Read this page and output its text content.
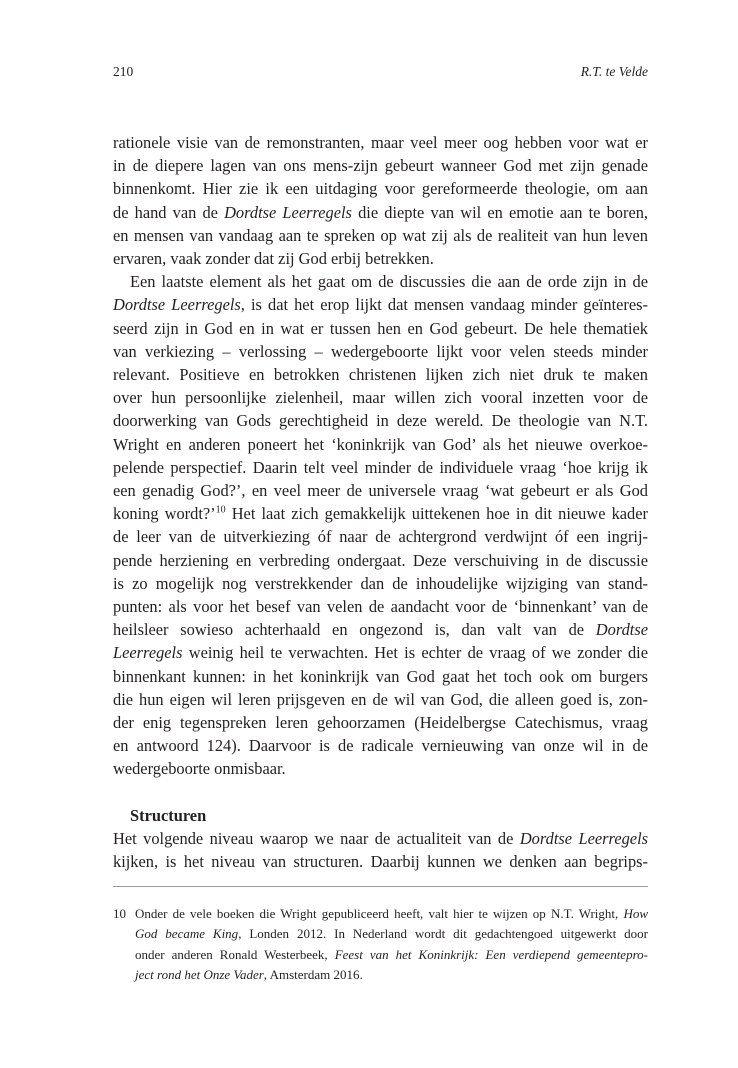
210	R.T. te Velde
rationele visie van de remonstranten, maar veel meer oog hebben voor wat er
in de diepere lagen van ons mens-zijn gebeurt wanneer God met zijn genade
binnenkomt. Hier zie ik een uitdaging voor gereformeerde theologie, om aan
de hand van de Dordtse Leerregels die diepte van wil en emotie aan te boren,
en mensen van vandaag aan te spreken op wat zij als de realiteit van hun leven
ervaren, vaak zonder dat zij God erbij betrekken.
Een laatste element als het gaat om de discussies die aan de orde zijn in de
Dordtse Leerregels, is dat het erop lijkt dat mensen vandaag minder geïnteres-
seerd zijn in God en in wat er tussen hen en God gebeurt. De hele thematiek
van verkiezing – verlossing – wedergeboorte lijkt voor velen steeds minder
relevant. Positieve en betrokken christenen lijken zich niet druk te maken
over hun persoonlijke zielenheil, maar willen zich vooral inzetten voor de
doorwerking van Gods gerechtigheid in deze wereld. De theologie van N.T.
Wright en anderen poneert het ‘koninkrijk van God’ als het nieuwe overkoe-
pelende perspectief. Daarin telt veel minder de individuele vraag ‘hoe krijg ik
een genadig God?’, en veel meer de universele vraag ‘wat gebeurt er als God
koning wordt?’$^{10}$ Het laat zich gemakkelijk uittekenen hoe in dit nieuwe kader
de leer van de uitverkiezing óf naar de achtergrond verdwijnt óf een ingrij-
pende herziening en verbreding ondergaat. Deze verschuiving in de discussie
is zo mogelijk nog verstrekkender dan de inhoudelijke wijziging van stand-
punten: als voor het besef van velen de aandacht voor de ‘binnenkant’ van de
heilsleer sowieso achterhaald en ongezond is, dan valt van de Dordtse
Leerregels weinig heil te verwachten. Het is echter de vraag of we zonder die
binnenkant kunnen: in het koninkrijk van God gaat het toch ook om burgers
die hun eigen wil leren prijsgeven en de wil van God, die alleen goed is, zon-
der enig tegenspreken leren gehoorzamen (Heidelbergse Catechismus, vraag
en antwoord 124). Daarvoor is de radicale vernieuwing van onze wil in de
wedergeboorte onmisbaar.
Structuren
Het volgende niveau waarop we naar de actualiteit van de Dordtse Leerregels
kijken, is het niveau van structuren. Daarbij kunnen we denken aan begrips-
10 Onder de vele boeken die Wright gepubliceerd heeft, valt hier te wijzen op N.T. Wright, How
God became King, Londen 2012. In Nederland wordt dit gedachtengoed uitgewerkt door
onder anderen Ronald Westerbeek, Feest van het Koninkrijk: Een verdiepend gemeentepro-
ject rond het Onze Vader, Amsterdam 2016.
